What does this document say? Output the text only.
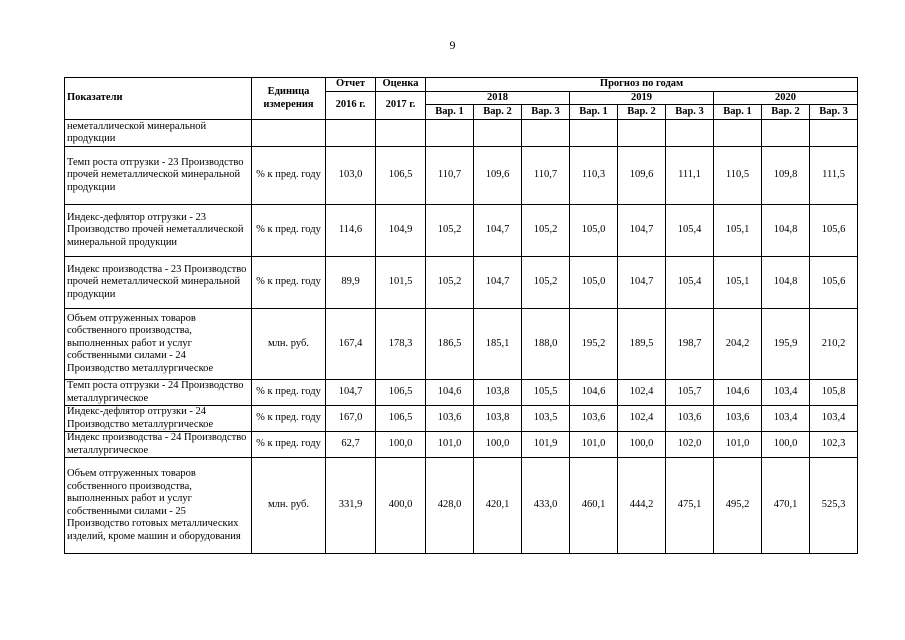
9
Показатели	Единица измерения	Отчет	Оценка	Прогноз по годам								
		2016 г.	2017 г.	2018			2019			2020		
				Вар. 1	Вар. 2	Вар. 3	Вар. 1	Вар. 2	Вар. 3	Вар. 1	Вар. 2	Вар. 3
неметаллической минеральной продукции												
Темп роста отгрузки - 23 Производство прочей неметаллической минеральной продукции	% к пред. году	103,0	106,5	110,7	109,6	110,7	110,3	109,6	111,1	110,5	109,8	111,5
Индекс-дефлятор отгрузки - 23 Производство прочей неметаллической минеральной продукции	% к пред. году	114,6	104,9	105,2	104,7	105,2	105,0	104,7	105,4	105,1	104,8	105,6
Индекс производства - 23 Производство прочей неметаллической минеральной продукции	% к пред. году	89,9	101,5	105,2	104,7	105,2	105,0	104,7	105,4	105,1	104,8	105,6
Объем отгруженных товаров собственного производства, выполненных работ и услуг собственными силами - 24 Производство металлургическое	млн. руб.	167,4	178,3	186,5	185,1	188,0	195,2	189,5	198,7	204,2	195,9	210,2
Темп роста отгрузки - 24 Производство металлургическое	% к пред. году	104,7	106,5	104,6	103,8	105,5	104,6	102,4	105,7	104,6	103,4	105,8
Индекс-дефлятор отгрузки - 24 Производство металлургическое	% к пред. году	167,0	106,5	103,6	103,8	103,5	103,6	102,4	103,6	103,6	103,4	103,4
Индекс производства - 24 Производство металлургическое	% к пред. году	62,7	100,0	101,0	100,0	101,9	101,0	100,0	102,0	101,0	100,0	102,3
Объем отгруженных товаров собственного производства, выполненных работ и услуг собственными силами - 25 Производство готовых металлических изделий, кроме машин и оборудования	млн. руб.	331,9	400,0	428,0	420,1	433,0	460,1	444,2	475,1	495,2	470,1	525,3
